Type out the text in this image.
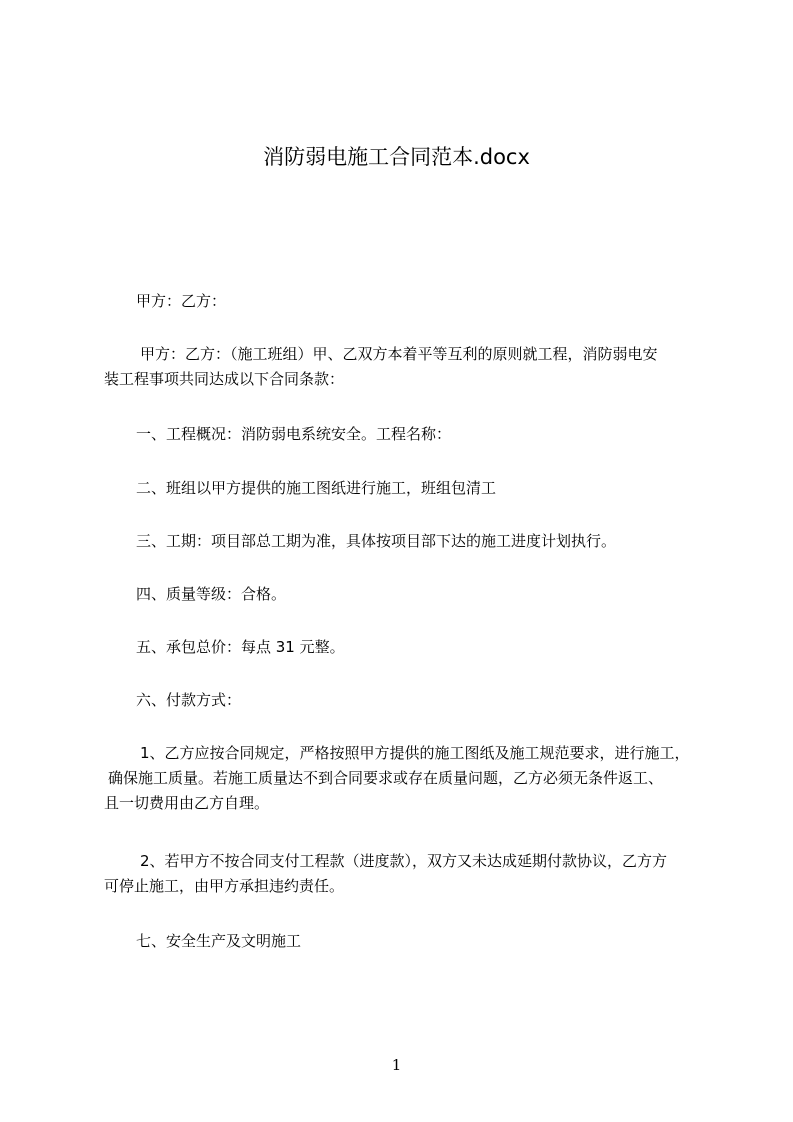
消防弱电施工合同范本.docx
甲方：乙方：
甲方：乙方：（施工班组）甲、乙双方本着平等互利的原则就工程，消防弱电安
装工程事项共同达成以下合同条款：
一、工程概况：消防弱电系统安全。工程名称：
二、班组以甲方提供的施工图纸进行施工，班组包清工
三、工期：项目部总工期为准，具体按项目部下达的施工进度计划执行。
四、质量等级：合格。
五、承包总价：每点 31 元整。
六、付款方式：
1、乙方应按合同规定，严格按照甲方提供的施工图纸及施工规范要求，进行施工，
确保施工质量。若施工质量达不到合同要求或存在质量问题，乙方必须无条件返工、
且一切费用由乙方自理。
2、若甲方不按合同支付工程款（进度款），双方又未达成延期付款协议，乙方方
可停止施工，由甲方承担违约责任。
七、安全生产及文明施工
1
